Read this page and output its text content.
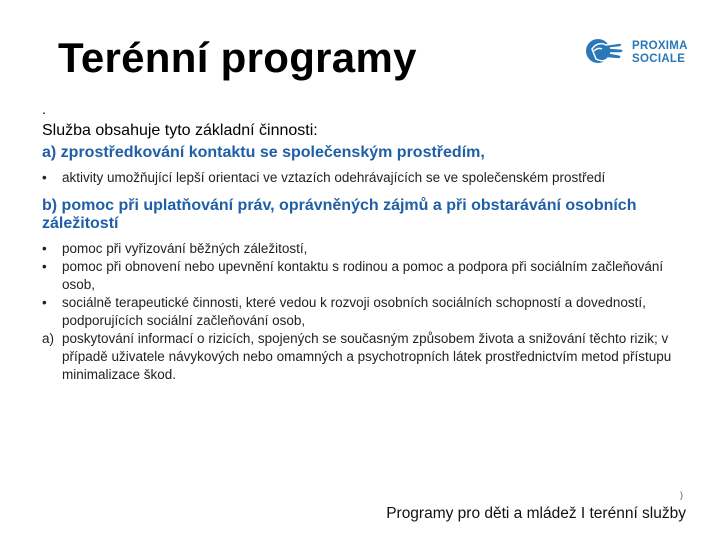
Terénní programy	PROXIMA
SOCIALE
.
Služba obsahuje tyto základní činnosti:
a) zprostředkování kontaktu se společenským prostředím,
• aktivity umožňující lepší orientaci ve vztazích odehrávajících se ve společenském prostředí
b) pomoc při uplatňování práv, oprávněných zájmů a při obstarávání osobních záležitostí
• pomoc při vyřizování běžných záležitostí,
• pomoc při obnovení nebo upevnění kontaktu s rodinou a pomoc a podpora při sociálním začleňování osob,
• sociálně terapeutické činnosti, které vedou k rozvoji osobních sociálních schopností a dovedností, podporujících sociální začleňování osob,
a) poskytování informací o rizicích, spojených se současným způsobem života a snižování těchto rizik; v případě uživatele návykových nebo omamných a psychotropních látek prostřednictvím metod přístupu minimalizace škod.
)
Programy pro děti a mládež I terénní služby
